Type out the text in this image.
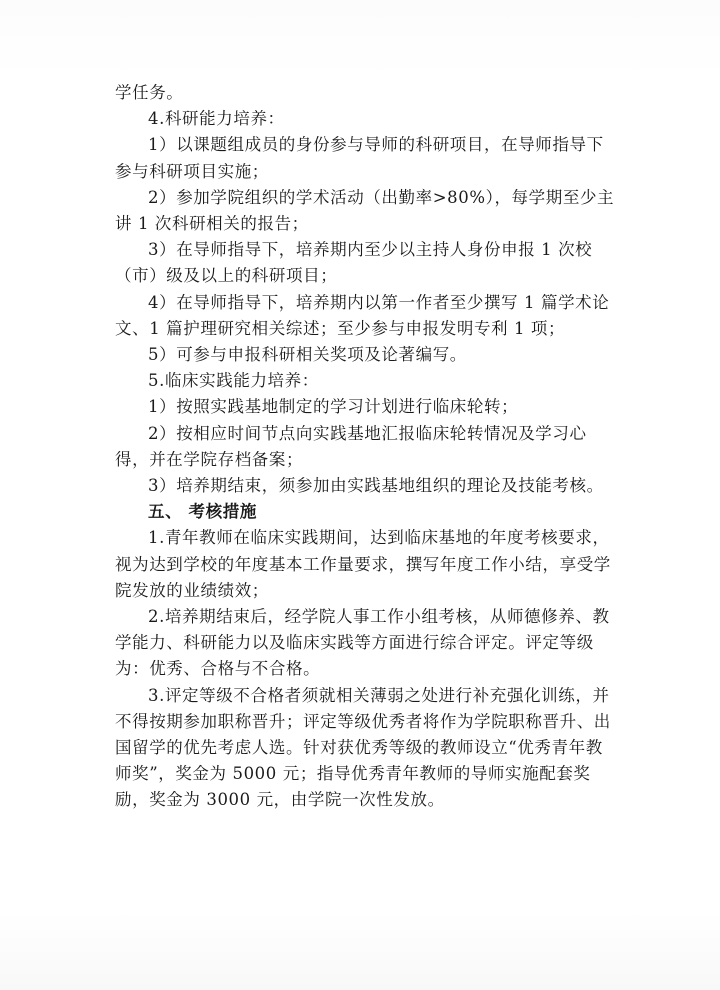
学任务。

4.科研能力培养：

1）以课题组成员的身份参与导师的科研项目，在导师指导下参与科研项目实施；

2）参加学院组织的学术活动（出勤率>80%），每学期至少主讲 1 次科研相关的报告；

3）在导师指导下，培养期内至少以主持人身份申报 1 次校（市）级及以上的科研项目；

4）在导师指导下，培养期内以第一作者至少撰写 1 篇学术论文、1 篇护理研究相关综述；至少参与申报发明专利 1 项；

5）可参与申报科研相关奖项及论著编写。

5.临床实践能力培养：

1）按照实践基地制定的学习计划进行临床轮转；

2）按相应时间节点向实践基地汇报临床轮转情况及学习心得，并在学院存档备案；

3）培养期结束，须参加由实践基地组织的理论及技能考核。

五、 考核措施

1.青年教师在临床实践期间，达到临床基地的年度考核要求，视为达到学校的年度基本工作量要求，撰写年度工作小结，享受学院发放的业绩绩效；

2.培养期结束后，经学院人事工作小组考核，从师德修养、教学能力、科研能力以及临床实践等方面进行综合评定。评定等级为：优秀、合格与不合格。

3.评定等级不合格者须就相关薄弱之处进行补充强化训练，并不得按期参加职称晋升；评定等级优秀者将作为学院职称晋升、出国留学的优先考虑人选。针对获优秀等级的教师设立“优秀青年教师奖”，奖金为 5000 元；指导优秀青年教师的导师实施配套奖励，奖金为 3000 元，由学院一次性发放。
